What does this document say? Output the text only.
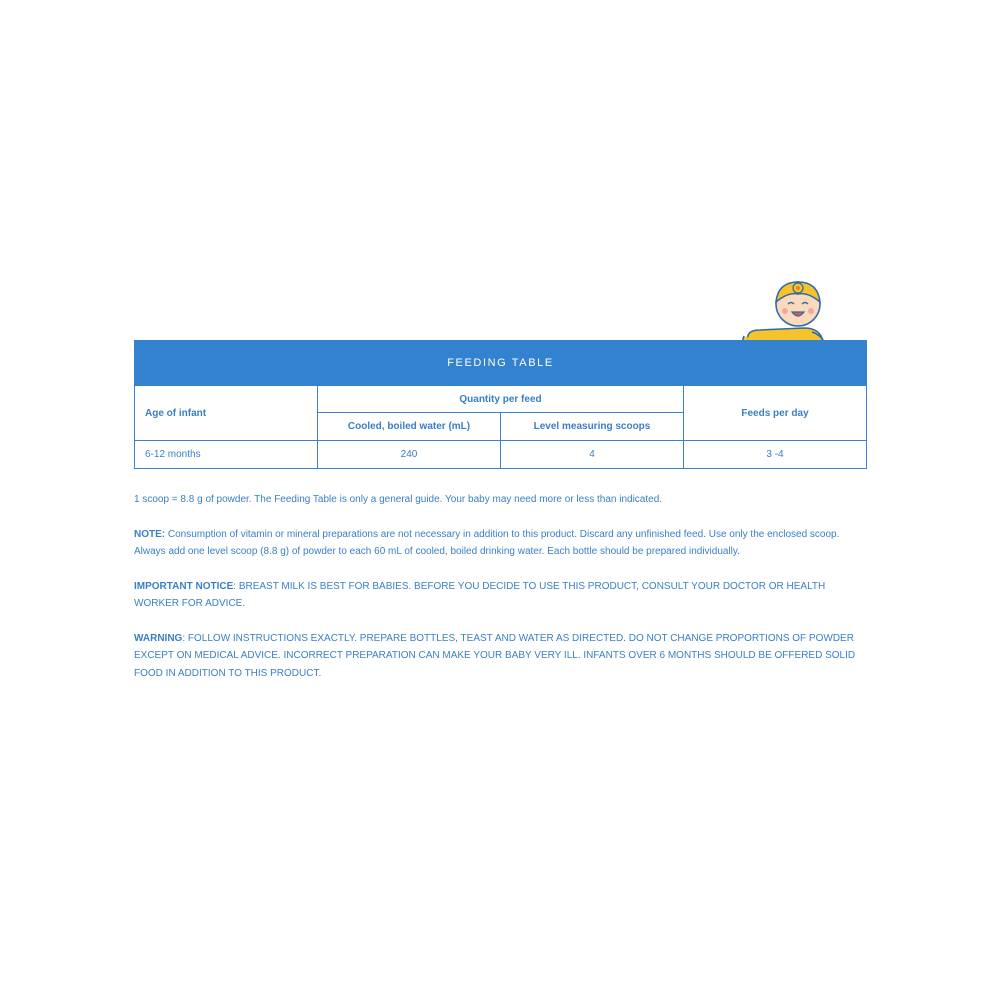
FEEDING TABLE			
Age of infant	Quantity per feed		Feeds per day
	Cooled, boiled water (mL)	Level measuring scoops	
6-12 months	240	4	3 -4

1 scoop = 8.8 g of powder. The Feeding Table is only a general guide. Your baby may need more or less than indicated.

NOTE: Consumption of vitamin or mineral preparations are not necessary in addition to this product. Discard any unfinished feed. Use only the enclosed scoop. Always add one level scoop (8.8 g) of powder to each 60 mL of cooled, boiled drinking water. Each bottle should be prepared individually.

IMPORTANT NOTICE: BREAST MILK IS BEST FOR BABIES. BEFORE YOU DECIDE TO USE THIS PRODUCT, CONSULT YOUR DOCTOR OR HEALTH WORKER FOR ADVICE.

WARNING: FOLLOW INSTRUCTIONS EXACTLY. PREPARE BOTTLES, TEAST AND WATER AS DIRECTED. DO NOT CHANGE PROPORTIONS OF POWDER EXCEPT ON MEDICAL ADVICE. INCORRECT PREPARATION CAN MAKE YOUR BABY VERY ILL. INFANTS OVER 6 MONTHS SHOULD BE OFFERED SOLID FOOD IN ADDITION TO THIS PRODUCT.
